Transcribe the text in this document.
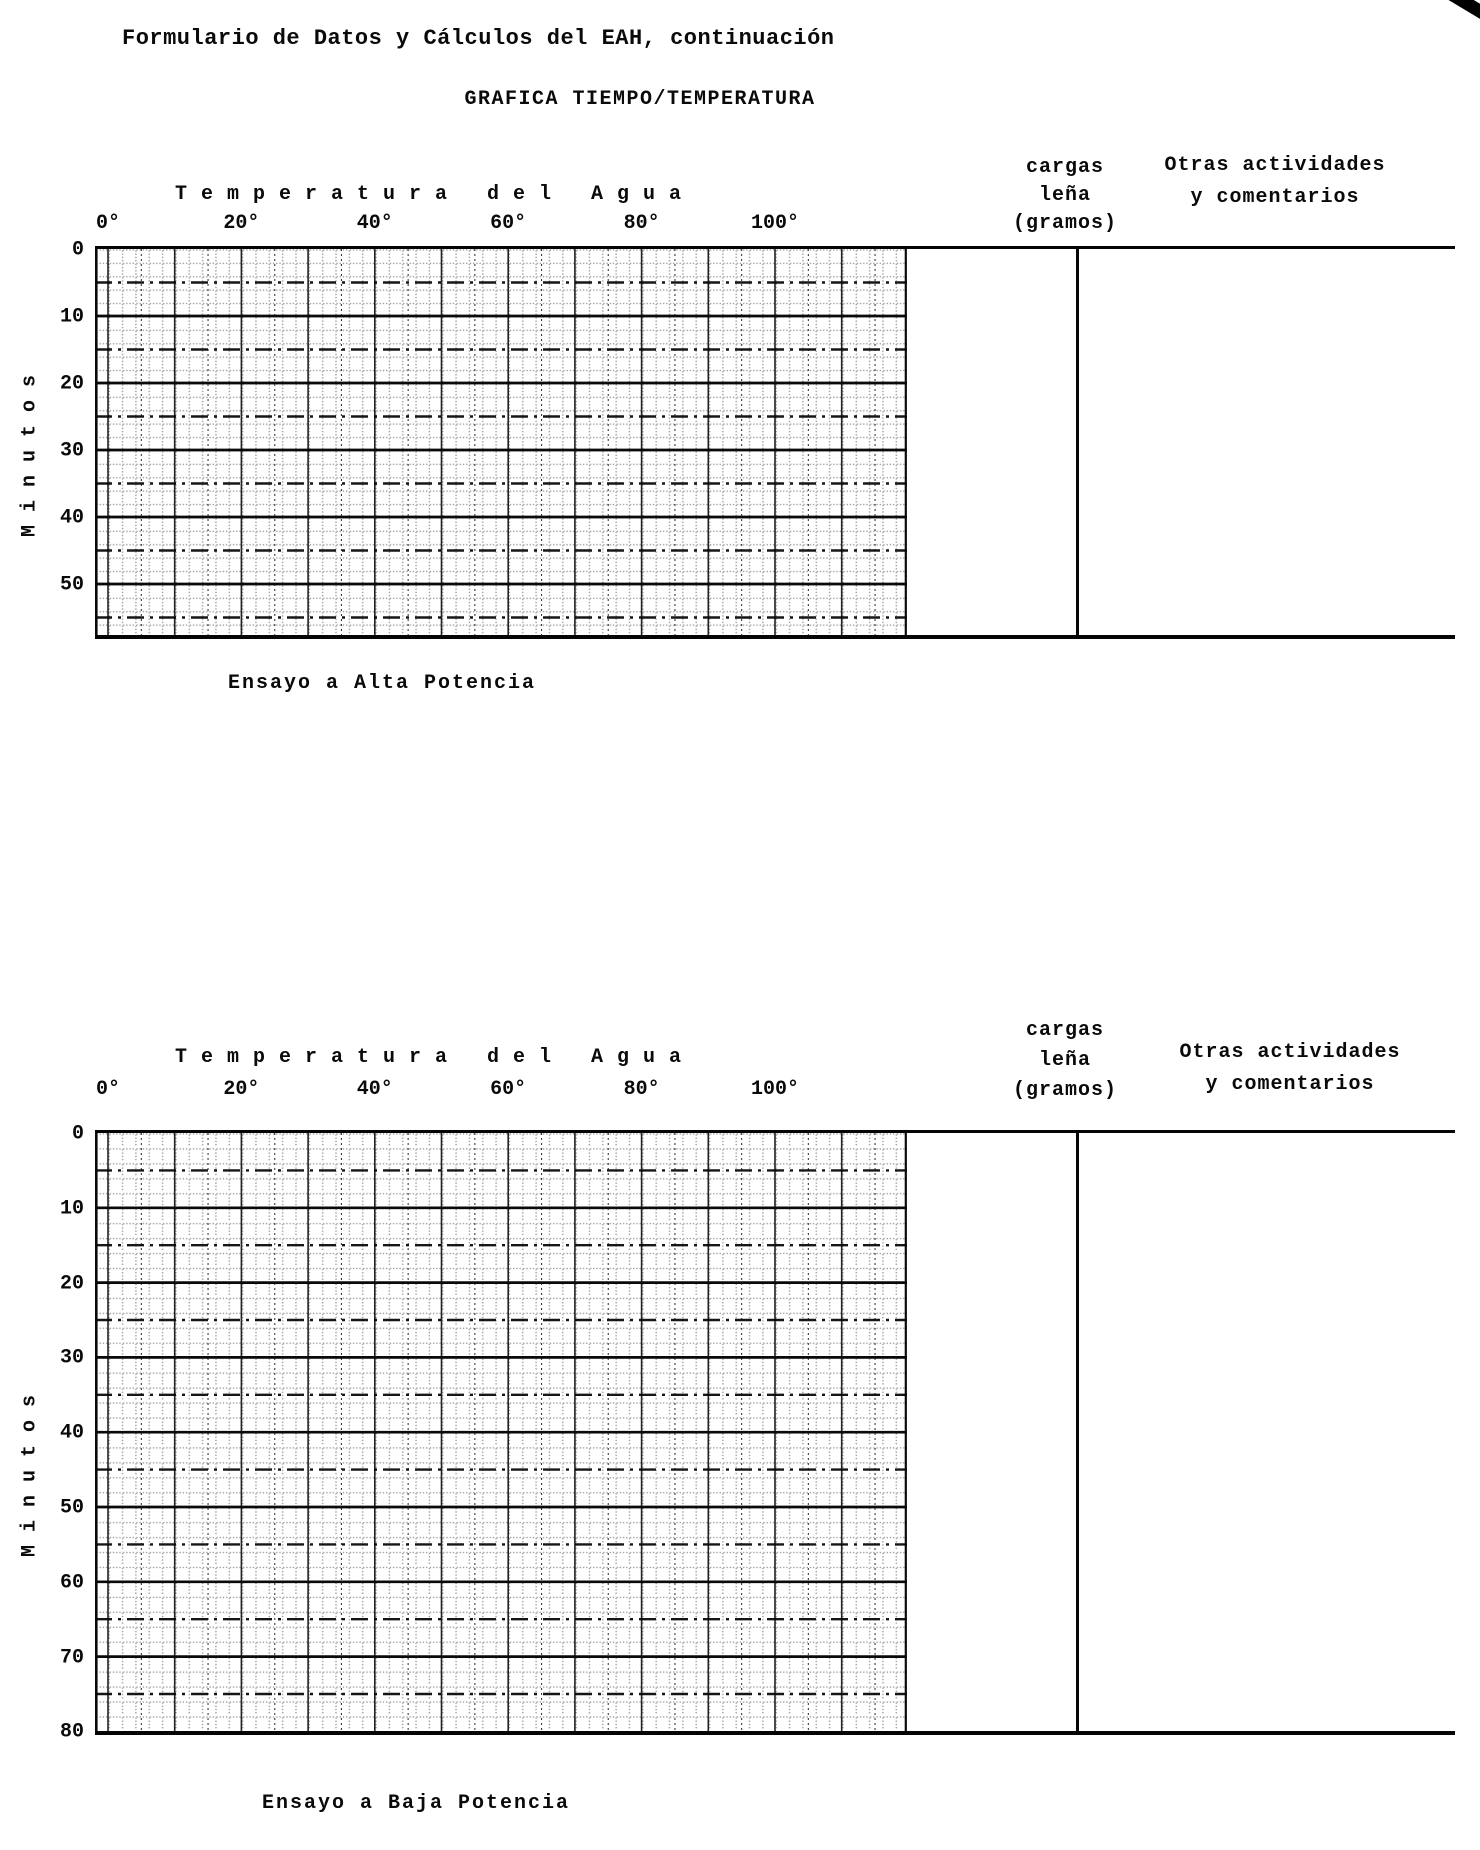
Formulario de Datos y Cálculos del EAH, continuación
GRAFICA TIEMPO/TEMPERATURA
Temperatura del Agua
0°	20°	40°	60°	80°	100°
cargas
leña
(gramos)
Otras actividades
y comentarios
0
10
20
30
40
50
Minutos
Ensayo a Alta Potencia
Temperatura del Agua
0°	20°	40°	60°	80°	100°
cargas
leña
(gramos)
Otras actividades
y comentarios
0
10
20
30
40
50
60
70
80
Minutos
Ensayo a Baja Potencia
